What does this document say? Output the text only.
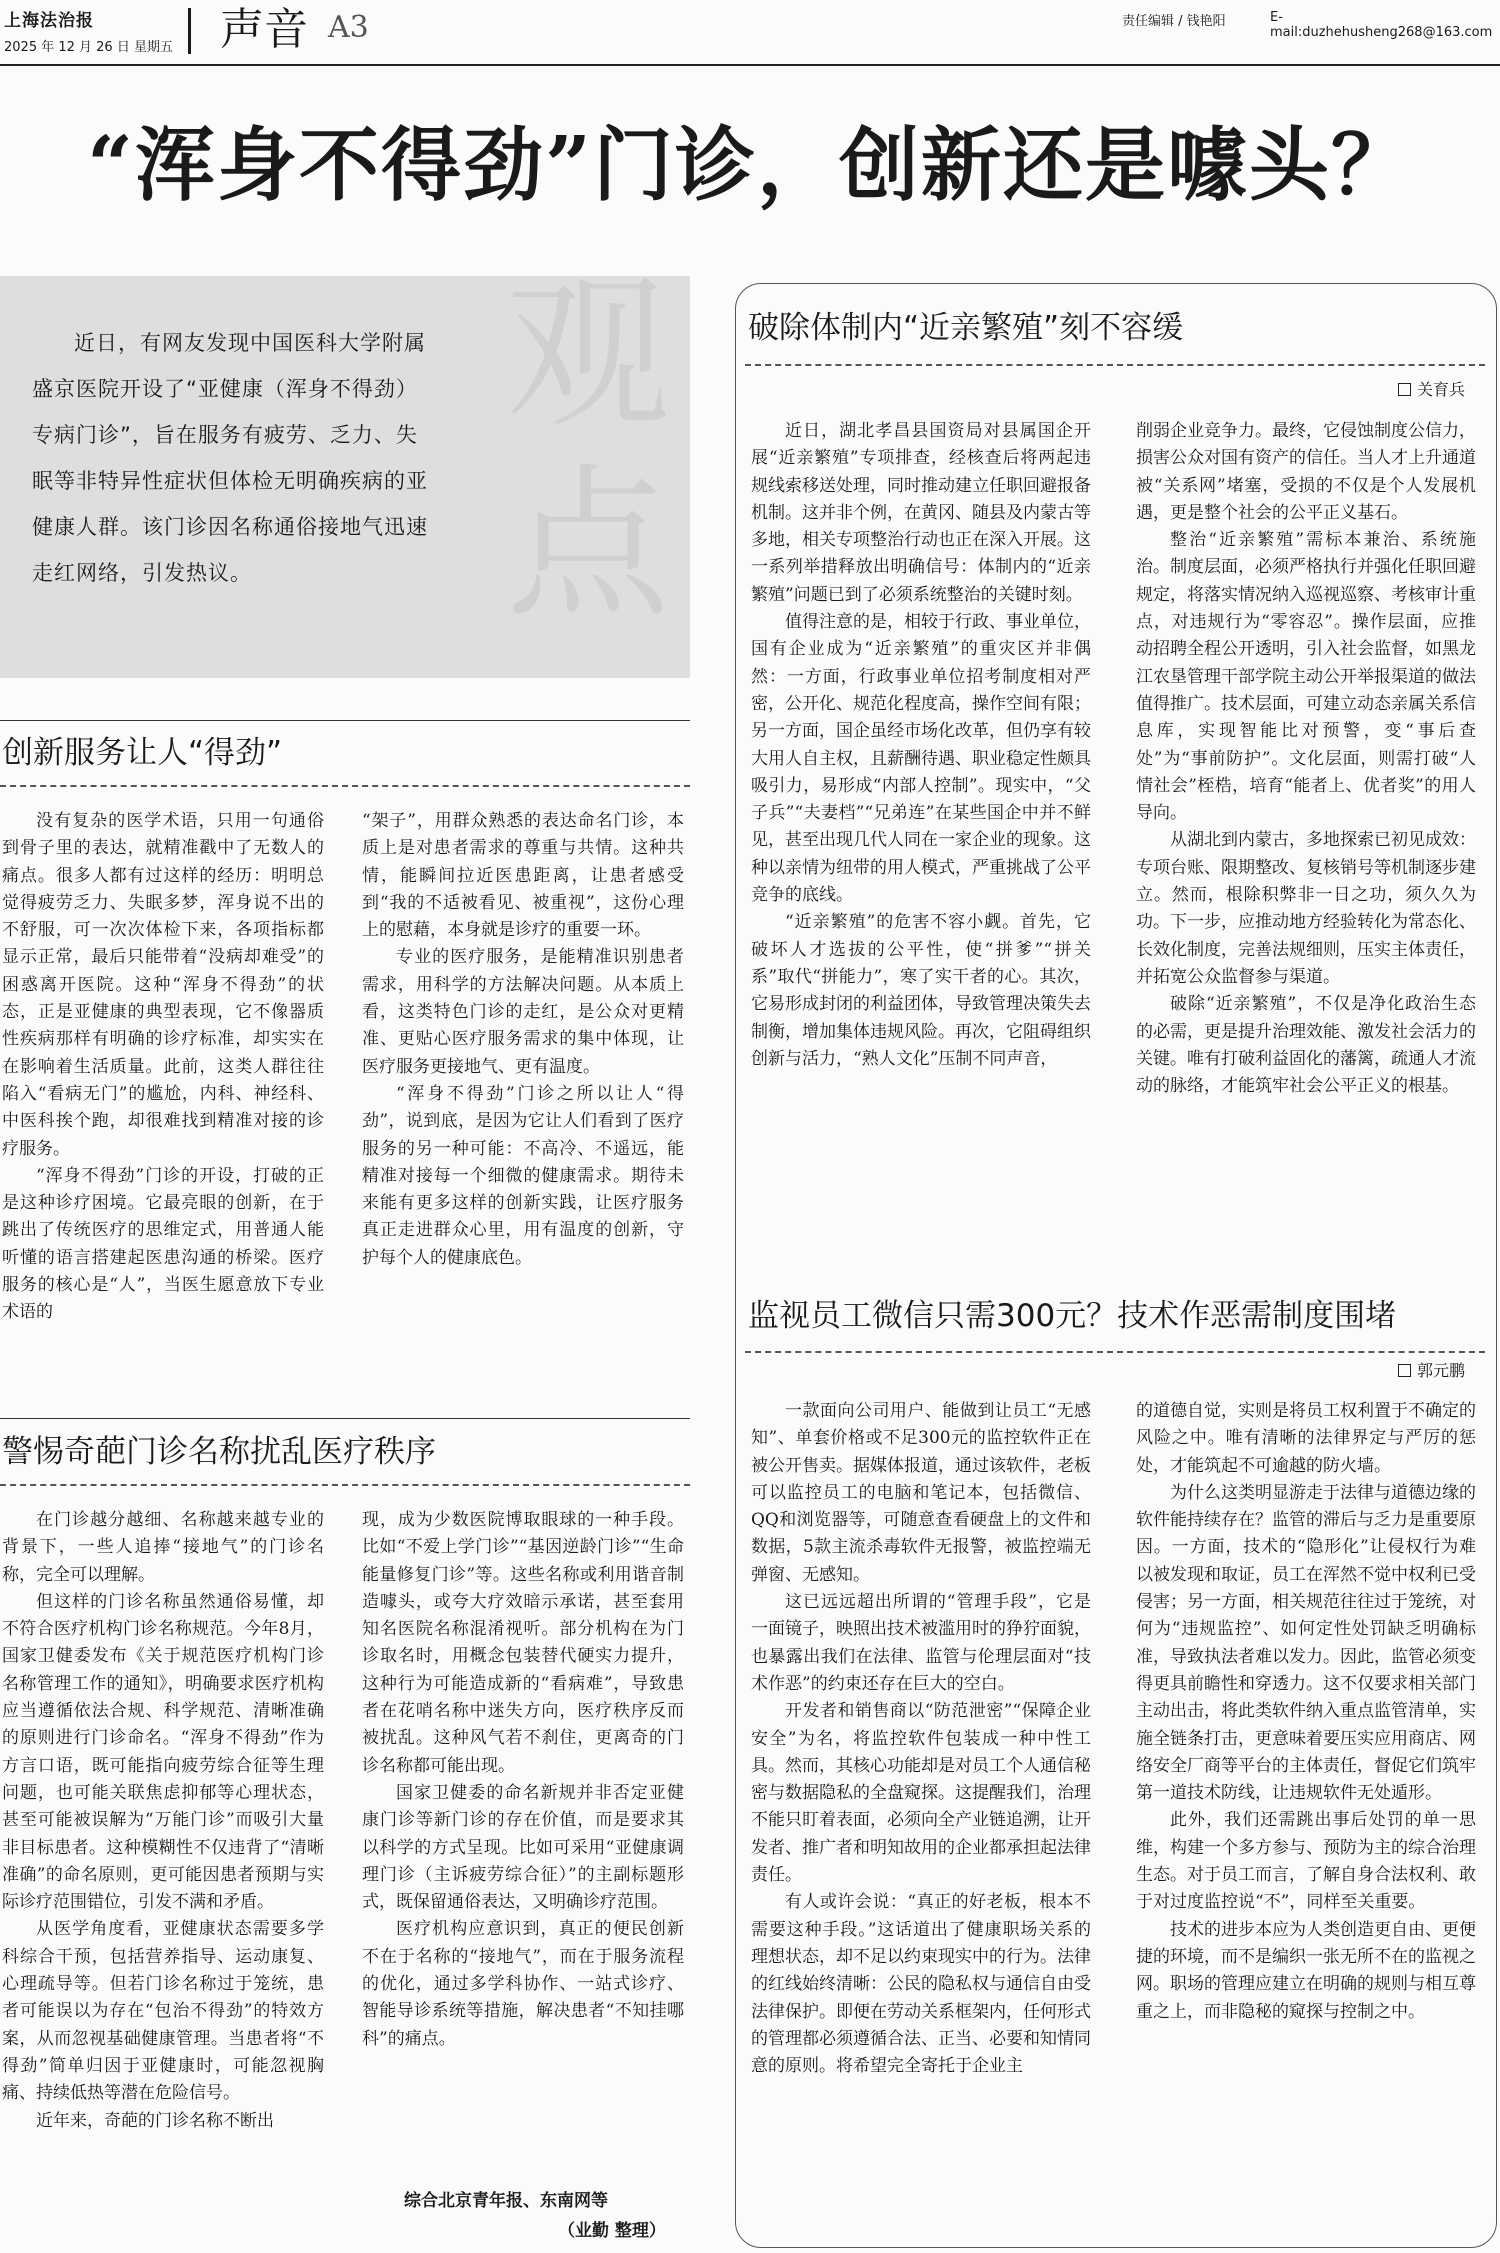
上海法治报
2025 年 12 月 26 日 星期五 声音 A3	责任编辑 / 钱艳阳	E-mail:duzhehusheng268@163.com
“浑身不得劲”门诊，创新还是噱头？

近日，有网友发现中国医科大学附属盛京医院开设了“亚健康（浑身不得劲）专病门诊”，旨在服务有疲劳、乏力、失眠等非特异性症状但体检无明确疾病的亚健康人群。该门诊因名称通俗接地气迅速走红网络，引发热议。

观
点
创新服务让人“得劲”

没有复杂的医学术语，只用一句通俗到骨子里的表达，就精准戳中了无数人的痛点。很多人都有过这样的经历：明明总觉得疲劳乏力、失眠多梦，浑身说不出的不舒服，可一次次体检下来，各项指标都显示正常，最后只能带着“没病却难受”的困惑离开医院。这种“浑身不得劲”的状态，正是亚健康的典型表现，它不像器质性疾病那样有明确的诊疗标准，却实实在在影响着生活质量。此前，这类人群往往陷入“看病无门”的尴尬，内科、神经科、中医科挨个跑，却很难找到精准对接的诊疗服务。

“浑身不得劲”门诊的开设，打破的正是这种诊疗困境。它最亮眼的创新，在于跳出了传统医疗的思维定式，用普通人能听懂的语言搭建起医患沟通的桥梁。医疗服务的核心是“人”，当医生愿意放下专业术语的

“架子”，用群众熟悉的表达命名门诊，本质上是对患者需求的尊重与共情。这种共情，能瞬间拉近医患距离，让患者感受到“我的不适被看见、被重视”，这份心理上的慰藉，本身就是诊疗的重要一环。

专业的医疗服务，是能精准识别患者需求，用科学的方法解决问题。从本质上看，这类特色门诊的走红，是公众对更精准、更贴心医疗服务需求的集中体现，让医疗服务更接地气、更有温度。

“浑身不得劲”门诊之所以让人“得劲”，说到底，是因为它让人们看到了医疗服务的另一种可能：不高冷、不遥远，能精准对接每一个细微的健康需求。期待未来能有更多这样的创新实践，让医疗服务真正走进群众心里，用有温度的创新，守护每个人的健康底色。

警惕奇葩门诊名称扰乱医疗秩序

在门诊越分越细、名称越来越专业的背景下，一些人追捧“接地气”的门诊名称，完全可以理解。

但这样的门诊名称虽然通俗易懂，却不符合医疗机构门诊名称规范。今年8月，国家卫健委发布《关于规范医疗机构门诊名称管理工作的通知》，明确要求医疗机构应当遵循依法合规、科学规范、清晰准确的原则进行门诊命名。“浑身不得劲”作为方言口语，既可能指向疲劳综合征等生理问题，也可能关联焦虑抑郁等心理状态，甚至可能被误解为“万能门诊”而吸引大量非目标患者。这种模糊性不仅违背了“清晰准确”的命名原则，更可能因患者预期与实际诊疗范围错位，引发不满和矛盾。

从医学角度看，亚健康状态需要多学科综合干预，包括营养指导、运动康复、心理疏导等。但若门诊名称过于笼统，患者可能误以为存在“包治不得劲”的特效方案，从而忽视基础健康管理。当患者将“不得劲”简单归因于亚健康时，可能忽视胸痛、持续低热等潜在危险信号。

近年来，奇葩的门诊名称不断出

现，成为少数医院博取眼球的一种手段。比如“不爱上学门诊”“基因逆龄门诊”“生命能量修复门诊”等。这些名称或利用谐音制造噱头，或夸大疗效暗示承诺，甚至套用知名医院名称混淆视听。部分机构在为门诊取名时，用概念包装替代硬实力提升，这种行为可能造成新的“看病难”，导致患者在花哨名称中迷失方向，医疗秩序反而被扰乱。这种风气若不刹住，更离奇的门诊名称都可能出现。

国家卫健委的命名新规并非否定亚健康门诊等新门诊的存在价值，而是要求其以科学的方式呈现。比如可采用“亚健康调理门诊（主诉疲劳综合征）”的主副标题形式，既保留通俗表达，又明确诊疗范围。

医疗机构应意识到，真正的便民创新不在于名称的“接地气”，而在于服务流程的优化，通过多学科协作、一站式诊疗、智能导诊系统等措施，解决患者“不知挂哪科”的痛点。

综合北京青年报、东南网等
（业勤 整理）
破除体制内“近亲繁殖”刻不容缓
关育兵

近日，湖北孝昌县国资局对县属国企开展“近亲繁殖”专项排查，经核查后将两起违规线索移送处理，同时推动建立任职回避报备机制。这并非个例，在黄冈、随县及内蒙古等多地，相关专项整治行动也正在深入开展。这一系列举措释放出明确信号：体制内的“近亲繁殖”问题已到了必须系统整治的关键时刻。

值得注意的是，相较于行政、事业单位，国有企业成为“近亲繁殖”的重灾区并非偶然：一方面，行政事业单位招考制度相对严密，公开化、规范化程度高，操作空间有限；另一方面，国企虽经市场化改革，但仍享有较大用人自主权，且薪酬待遇、职业稳定性颇具吸引力，易形成“内部人控制”。现实中，“父子兵”“夫妻档”“兄弟连”在某些国企中并不鲜见，甚至出现几代人同在一家企业的现象。这种以亲情为纽带的用人模式，严重挑战了公平竞争的底线。

“近亲繁殖”的危害不容小觑。首先，它破坏人才选拔的公平性，使“拼爹”“拼关系”取代“拼能力”，寒了实干者的心。其次，它易形成封闭的利益团体，导致管理决策失去制衡，增加集体违规风险。再次，它阻碍组织创新与活力，“熟人文化”压制不同声音，

削弱企业竞争力。最终，它侵蚀制度公信力，损害公众对国有资产的信任。当人才上升通道被“关系网”堵塞，受损的不仅是个人发展机遇，更是整个社会的公平正义基石。

整治“近亲繁殖”需标本兼治、系统施治。制度层面，必须严格执行并强化任职回避规定，将落实情况纳入巡视巡察、考核审计重点，对违规行为“零容忍”。操作层面，应推动招聘全程公开透明，引入社会监督，如黑龙江农垦管理干部学院主动公开举报渠道的做法值得推广。技术层面，可建立动态亲属关系信息库，实现智能比对预警，变“事后查处”为“事前防护”。文化层面，则需打破“人情社会”桎梏，培育“能者上、优者奖”的用人导向。

从湖北到内蒙古，多地探索已初见成效：专项台账、限期整改、复核销号等机制逐步建立。然而，根除积弊非一日之功，须久久为功。下一步，应推动地方经验转化为常态化、长效化制度，完善法规细则，压实主体责任，并拓宽公众监督参与渠道。

破除“近亲繁殖”，不仅是净化政治生态的必需，更是提升治理效能、激发社会活力的关键。唯有打破利益固化的藩篱，疏通人才流动的脉络，才能筑牢社会公平正义的根基。

监视员工微信只需300元？技术作恶需制度围堵
郭元鹏

一款面向公司用户、能做到让员工“无感知”、单套价格或不足300元的监控软件正在被公开售卖。据媒体报道，通过该软件，老板可以监控员工的电脑和笔记本，包括微信、QQ和浏览器等，可随意查看硬盘上的文件和数据，5款主流杀毒软件无报警，被监控端无弹窗、无感知。

这已远远超出所谓的“管理手段”，它是一面镜子，映照出技术被滥用时的狰狞面貌，也暴露出我们在法律、监管与伦理层面对“技术作恶”的约束还存在巨大的空白。

开发者和销售商以“防范泄密”“保障企业安全”为名，将监控软件包装成一种中性工具。然而，其核心功能却是对员工个人通信秘密与数据隐私的全盘窥探。这提醒我们，治理不能只盯着表面，必须向全产业链追溯，让开发者、推广者和明知故用的企业都承担起法律责任。

有人或许会说：“真正的好老板，根本不需要这种手段。”这话道出了健康职场关系的理想状态，却不足以约束现实中的行为。法律的红线始终清晰：公民的隐私权与通信自由受法律保护。即便在劳动关系框架内，任何形式的管理都必须遵循合法、正当、必要和知情同意的原则。将希望完全寄托于企业主

的道德自觉，实则是将员工权利置于不确定的风险之中。唯有清晰的法律界定与严厉的惩处，才能筑起不可逾越的防火墙。

为什么这类明显游走于法律与道德边缘的软件能持续存在？监管的滞后与乏力是重要原因。一方面，技术的“隐形化”让侵权行为难以被发现和取证，员工在浑然不觉中权利已受侵害；另一方面，相关规范往往过于笼统，对何为“违规监控”、如何定性处罚缺乏明确标准，导致执法者难以发力。因此，监管必须变得更具前瞻性和穿透力。这不仅要求相关部门主动出击，将此类软件纳入重点监管清单，实施全链条打击，更意味着要压实应用商店、网络安全厂商等平台的主体责任，督促它们筑牢第一道技术防线，让违规软件无处遁形。

此外，我们还需跳出事后处罚的单一思维，构建一个多方参与、预防为主的综合治理生态。对于员工而言，了解自身合法权利、敢于对过度监控说“不”，同样至关重要。

技术的进步本应为人类创造更自由、更便捷的环境，而不是编织一张无所不在的监视之网。职场的管理应建立在明确的规则与相互尊重之上，而非隐秘的窥探与控制之中。
